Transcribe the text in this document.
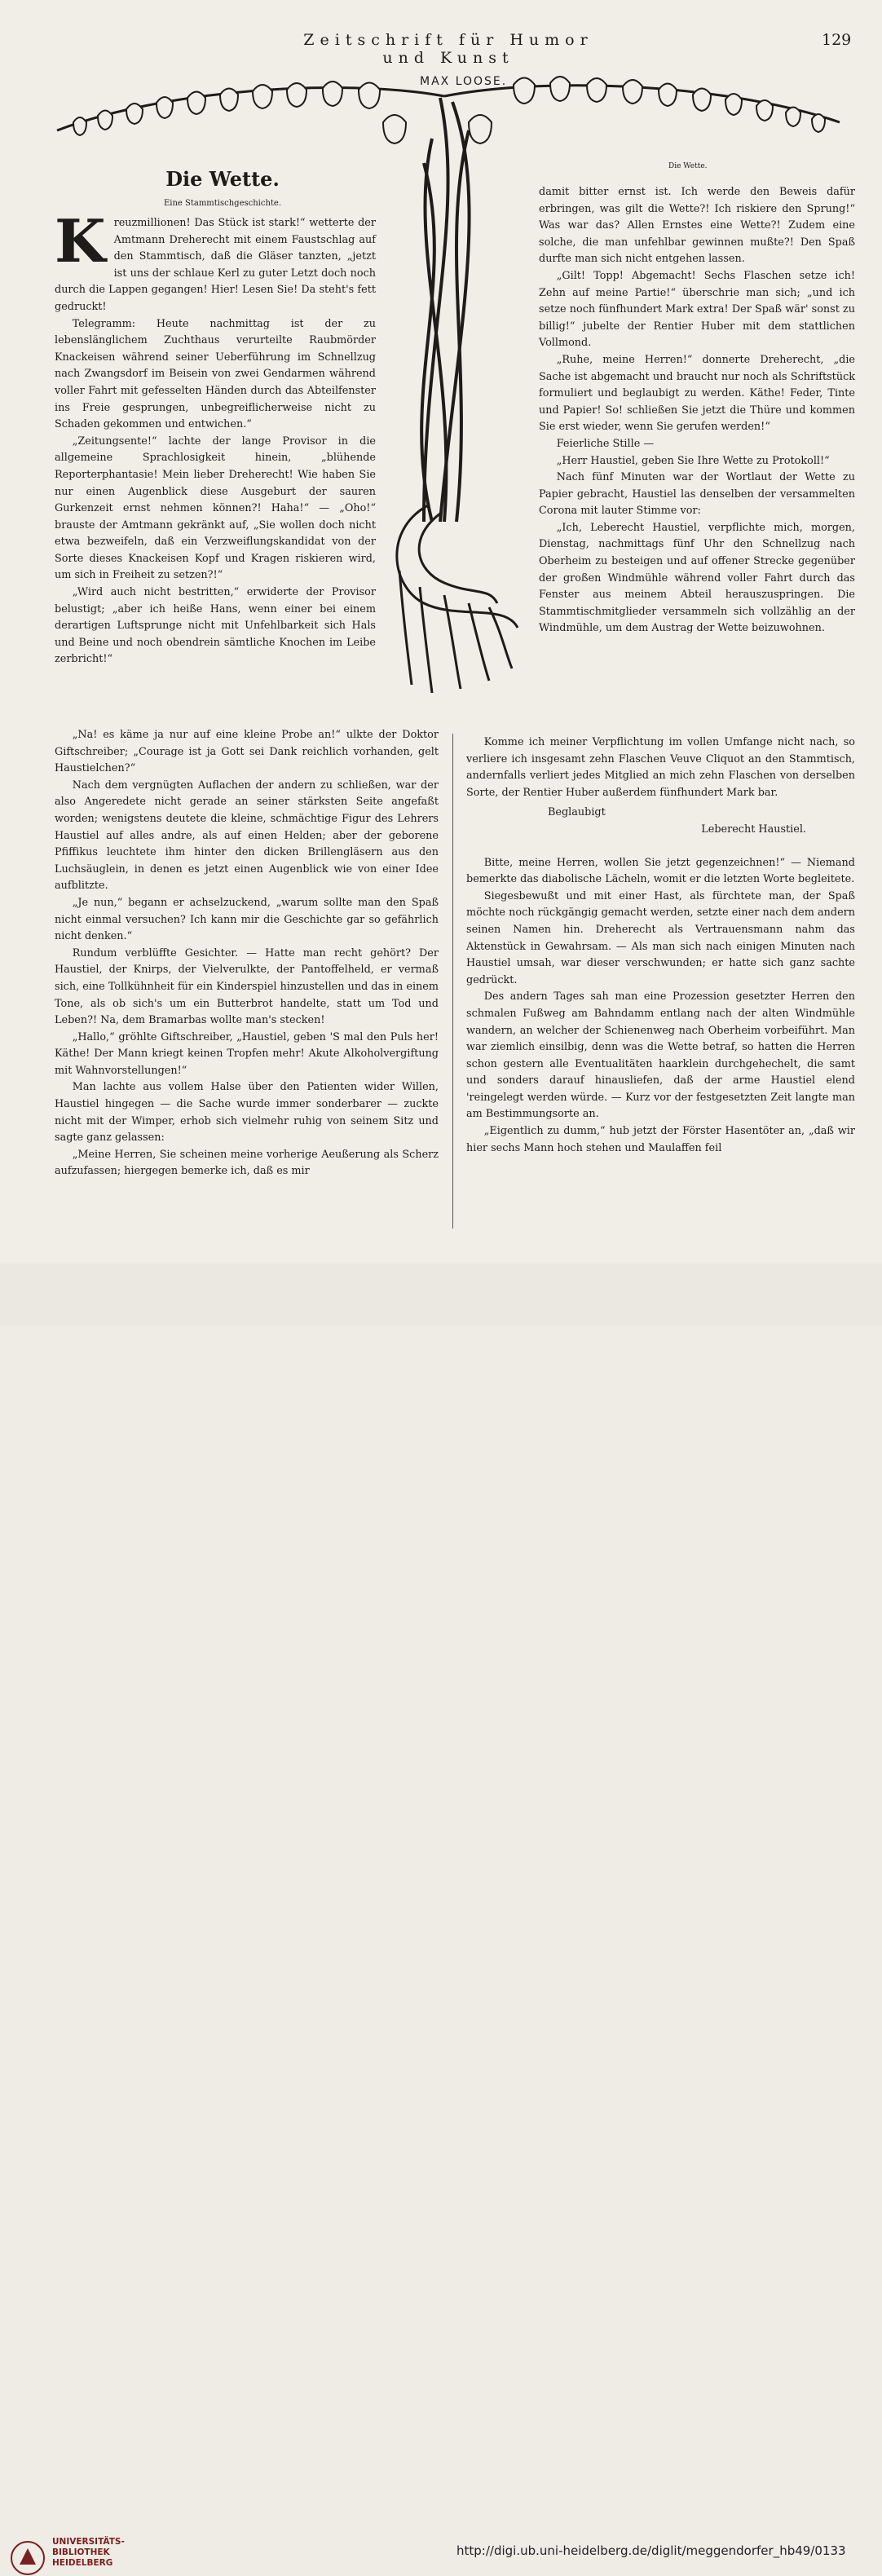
Zeitschrift für Humor und Kunst
129
MAX LOOSE.
Die Wette.
Eine Stammtischgeschichte.
Die Wette.

K reuzmillionen! Das Stück ist stark!“ wetterte der Amtmann Dreherecht mit einem Faustschlag auf den Stammtisch, daß die Gläser tanzten, „jetzt ist uns der schlaue Kerl zu guter Letzt doch noch durch die Lappen gegangen! Hier! Lesen Sie! Da steht's fett gedruckt!

Telegramm: Heute nachmittag ist der zu lebenslänglichem Zuchthaus verurteilte Raubmörder Knackeisen während seiner Ueberführung im Schnellzug nach Zwangsdorf im Beisein von zwei Gendarmen während voller Fahrt mit gefesselten Händen durch das Abteilfenster ins Freie gesprungen, unbegreiflicherweise nicht zu Schaden gekommen und entwichen.“

„Zeitungsente!“ lachte der lange Provisor in die allgemeine Sprachlosigkeit hinein, „blühende Reporterphantasie! Mein lieber Dreherecht! Wie haben Sie nur einen Augenblick diese Ausgeburt der sauren Gurkenzeit ernst nehmen können?! Haha!“ — „Oho!“ brauste der Amtmann gekränkt auf, „Sie wollen doch nicht etwa bezweifeln, daß ein Verzweiflungskandidat von der Sorte dieses Knackeisen Kopf und Kragen riskieren wird, um sich in Freiheit zu setzen?!“

„Wird auch nicht bestritten,“ erwiderte der Provisor belustigt; „aber ich heiße Hans, wenn einer bei einem derartigen Luftsprunge nicht mit Unfehlbarkeit sich Hals und Beine und noch obendrein sämtliche Knochen im Leibe zerbricht!“

„Na! es käme ja nur auf eine kleine Probe an!“ ulkte der Doktor Giftschreiber; „Courage ist ja Gott sei Dank reichlich vorhanden, gelt Haustielchen?“

Nach dem vergnügten Auflachen der andern zu schließen, war der also Angeredete nicht gerade an seiner stärksten Seite angefaßt worden; wenigstens deutete die kleine, schmächtige Figur des Lehrers Haustiel auf alles andre, als auf einen Helden; aber der geborene Pfiffikus leuchtete ihm hinter den dicken Brillengläsern aus den Luchsäuglein, in denen es jetzt einen Augenblick wie von einer Idee aufblitzte.

„Je nun,“ begann er achselzuckend, „warum sollte man den Spaß nicht einmal versuchen? Ich kann mir die Geschichte gar so gefährlich nicht denken.“

Rundum verblüffte Gesichter. — Hatte man recht gehört? Der Haustiel, der Knirps, der Vielverulkte, der Pantoffelheld, er vermaß sich, eine Tollkühnheit für ein Kinderspiel hinzustellen und das in einem Tone, als ob sich's um ein Butterbrot handelte, statt um Tod und Leben?! Na, dem Bramarbas wollte man's stecken!

„Hallo,“ gröhlte Giftschreiber, „Haustiel, geben 'S mal den Puls her! Käthe! Der Mann kriegt keinen Tropfen mehr! Akute Alkoholvergiftung mit Wahnvorstellungen!“

Man lachte aus vollem Halse über den Patienten wider Willen, Haustiel hingegen — die Sache wurde immer sonderbarer — zuckte nicht mit der Wimper, erhob sich vielmehr ruhig von seinem Sitz und sagte ganz gelassen:

„Meine Herren, Sie scheinen meine vorherige Aeußerung als Scherz aufzufassen; hiergegen bemerke ich, daß es mir

damit bitter ernst ist. Ich werde den Beweis dafür erbringen, was gilt die Wette?! Ich riskiere den Sprung!“ Was war das? Allen Ernstes eine Wette?! Zudem eine solche, die man unfehlbar gewinnen mußte?! Den Spaß durfte man sich nicht entgehen lassen.

„Gilt! Topp! Abgemacht! Sechs Flaschen setze ich! Zehn auf meine Partie!“ überschrie man sich; „und ich setze noch fünfhundert Mark extra! Der Spaß wär' sonst zu billig!“ jubelte der Rentier Huber mit dem stattlichen Vollmond.

„Ruhe, meine Herren!“ donnerte Dreherecht, „die Sache ist abgemacht und braucht nur noch als Schriftstück formuliert und beglaubigt zu werden. Käthe! Feder, Tinte und Papier! So! schließen Sie jetzt die Thüre und kommen Sie erst wieder, wenn Sie gerufen werden!“

Feierliche Stille —

„Herr Haustiel, geben Sie Ihre Wette zu Protokoll!“

Nach fünf Minuten war der Wortlaut der Wette zu Papier gebracht, Haustiel las denselben der versammelten Corona mit lauter Stimme vor:

„Ich, Leberecht Haustiel, verpflichte mich, morgen, Dienstag, nachmittags fünf Uhr den Schnellzug nach Oberheim zu besteigen und auf offener Strecke gegenüber der großen Windmühle während voller Fahrt durch das Fenster aus meinem Abteil herauszuspringen. Die Stammtischmitglieder versammeln sich vollzählig an der Windmühle, um dem Austrag der Wette beizuwohnen.

Komme ich meiner Verpflichtung im vollen Umfange nicht nach, so verliere ich insgesamt zehn Flaschen Veuve Cliquot an den Stammtisch, andernfalls verliert jedes Mitglied an mich zehn Flaschen von derselben Sorte, der Rentier Huber außerdem fünfhundert Mark bar.

Beglaubigt

Leberecht Haustiel.

Bitte, meine Herren, wollen Sie jetzt gegenzeichnen!“ — Niemand bemerkte das diabolische Lächeln, womit er die letzten Worte begleitete.

Siegesbewußt und mit einer Hast, als fürchtete man, der Spaß möchte noch rückgängig gemacht werden, setzte einer nach dem andern seinen Namen hin. Dreherecht als Vertrauensmann nahm das Aktenstück in Gewahrsam. — Als man sich nach einigen Minuten nach Haustiel umsah, war dieser verschwunden; er hatte sich ganz sachte gedrückt.

Des andern Tages sah man eine Prozession gesetzter Herren den schmalen Fußweg am Bahndamm entlang nach der alten Windmühle wandern, an welcher der Schienenweg nach Oberheim vorbeiführt. Man war ziemlich einsilbig, denn was die Wette betraf, so hatten die Herren schon gestern alle Eventualitäten haarklein durchgehechelt, die samt und sonders darauf hinausliefen, daß der arme Haustiel elend 'reingelegt werden würde. — Kurz vor der festgesetzten Zeit langte man am Bestimmungsorte an.

„Eigentlich zu dumm,“ hub jetzt der Förster Hasentöter an, „daß wir hier sechs Mann hoch stehen und Maulaffen feil

UNIVERSITÄTS-
BIBLIOTHEK
HEIDELBERG
http://digi.ub.uni-heidelberg.de/diglit/meggendorfer_hb49/0133
